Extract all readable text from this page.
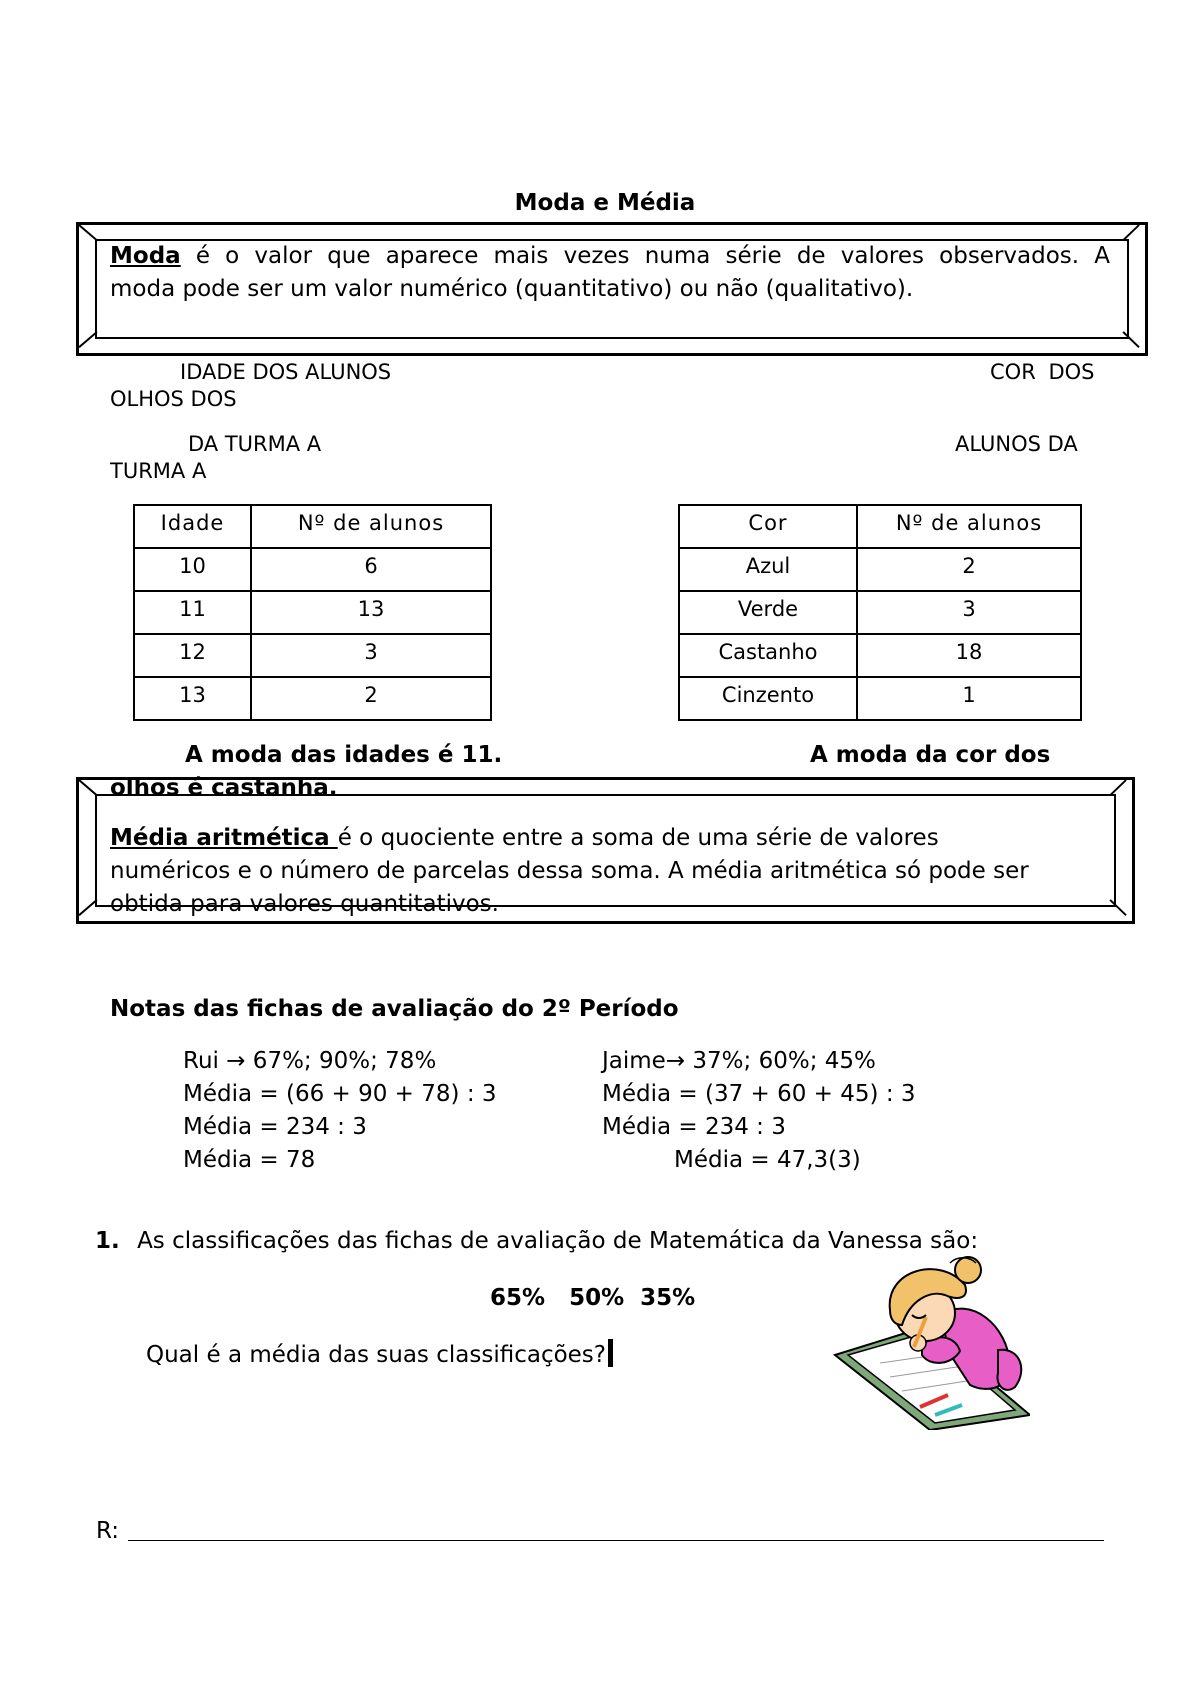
Moda e Média
Moda é o valor que aparece mais vezes numa série de valores observados. A
moda pode ser um valor numérico (quantitativo) ou não (qualitativo).
IDADE DOS ALUNOS	COR DOS
OLHOS DOS
DA TURMA A	ALUNOS DA
TURMA A
Idade	Nº de alunos
10	6
11	13
12	3
13	2
Cor	Nº de alunos
Azul	2
Verde	3
Castanho	18
Cinzento	1
A moda das idades é 11.	A moda da cor dos
olhos é castanha.
Média aritmética é o quociente entre a soma de uma série de valores
numéricos e o número de parcelas dessa soma. A média aritmética só pode ser
obtida para valores quantitativos.
Notas das fichas de avaliação do 2º Período
Rui → 67%; 90%; 78%
Média = (66 + 90 + 78) : 3
Média = 234 : 3
Média = 78
Jaime→ 37%; 60%; 45%
Média = (37 + 60 + 45) : 3
Média = 234 : 3
Média = 47,3(3)
1. As classificações das fichas de avaliação de Matemática da Vanessa são:
65%   50%  35%
Qual é a média das suas classificações?
R:
